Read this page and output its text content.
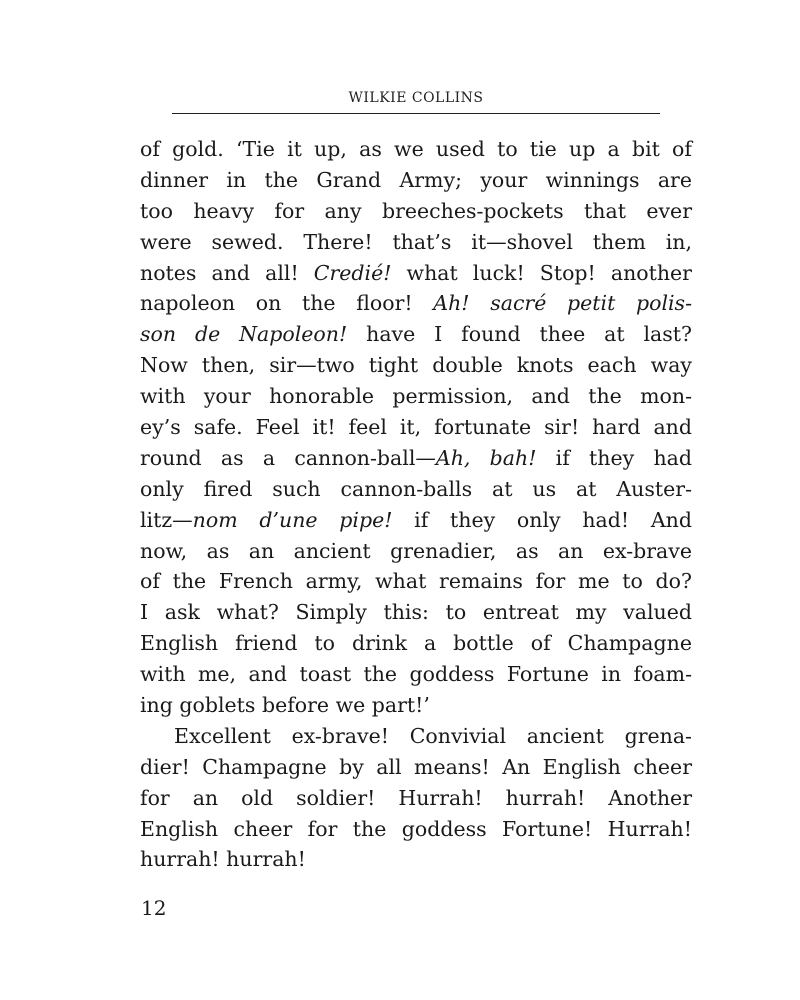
WILKIE COLLINS
of gold. ‘Tie it up, as we used to tie up a bit of
dinner in the Grand Army; your winnings are
too heavy for any breeches-pockets that ever
were sewed. There! that’s it—shovel them in,
notes and all! Credié! what luck! Stop! another
napoleon on the floor! Ah! sacré petit polis-
son de Napoleon! have I found thee at last?
Now then, sir—two tight double knots each way
with your honorable permission, and the mon-
ey’s safe. Feel it! feel it, fortunate sir! hard and
round as a cannon-ball—Ah, bah! if they had
only fired such cannon-balls at us at Auster-
litz—nom d’une pipe! if they only had! And
now, as an ancient grenadier, as an ex-brave
of the French army, what remains for me to do?
I ask what? Simply this: to entreat my valued
English friend to drink a bottle of Champagne
with me, and toast the goddess Fortune in foam-
ing goblets before we part!’
Excellent ex-brave! Convivial ancient grena-
dier! Champagne by all means! An English cheer
for an old soldier! Hurrah! hurrah! Another
English cheer for the goddess Fortune! Hurrah!
hurrah! hurrah!
12
